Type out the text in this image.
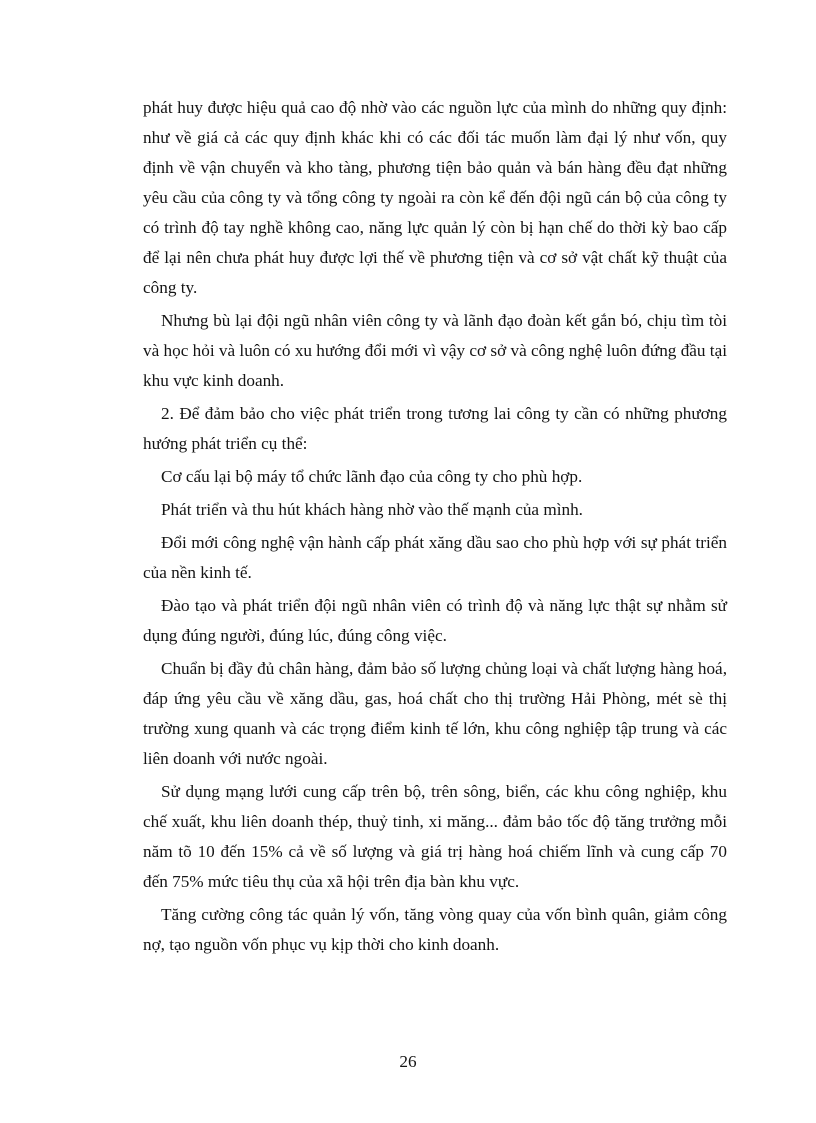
phát huy được hiệu quả cao độ nhờ vào các nguồn lực của mình do những quy định: như về giá cả các quy định khác khi có các đối tác muốn làm đại lý như vốn, quy định về vận chuyển và kho tàng, phương tiện bảo quản và bán hàng đều đạt những yêu cầu của công ty và tổng công ty ngoài ra còn kể đến đội ngũ cán bộ của công ty có trình độ tay nghề không cao, năng lực quản lý còn bị hạn chế do thời kỳ bao cấp để lại nên chưa phát huy được lợi thế về phương tiện và cơ sở vật chất kỹ thuật của công ty.

Nhưng bù lại đội ngũ nhân viên công ty và lãnh đạo đoàn kết gắn bó, chịu tìm tòi và học hỏi và luôn có xu hướng đổi mới vì vậy cơ sở và công nghệ luôn đứng đầu tại khu vực kinh doanh.

2. Để đảm bảo cho việc phát triển trong tương lai công ty cần có những phương hướng phát triển cụ thể:

Cơ cấu lại bộ máy tổ chức lãnh đạo của công ty cho phù hợp.

Phát triển và thu hút khách hàng nhờ vào thế mạnh của mình.

Đổi mới công nghệ vận hành cấp phát xăng dầu sao cho phù hợp với sự phát triển của nền kinh tế.

Đào tạo và phát triển đội ngũ nhân viên có trình độ và năng lực thật sự nhằm sử dụng đúng người, đúng lúc, đúng công việc.

Chuẩn bị đầy đủ chân hàng, đảm bảo số lượng chủng loại và chất lượng hàng hoá, đáp ứng yêu cầu về xăng dầu, gas, hoá chất cho thị trường Hải Phòng, mét sè thị trường xung quanh và các trọng điểm kinh tế lớn, khu công nghiệp tập trung và các liên doanh với nước ngoài.

Sử dụng mạng lưới cung cấp trên bộ, trên sông, biển, các khu công nghiệp, khu chế xuất, khu liên doanh thép, thuỷ tinh, xi măng... đảm bảo tốc độ tăng trưởng mỗi năm tõ 10 đến 15% cả về số lượng và giá trị hàng hoá chiếm lĩnh và cung cấp 70 đến 75% mức tiêu thụ của xã hội trên địa bàn khu vực.

Tăng cường công tác quản lý vốn, tăng vòng quay của vốn bình quân, giảm công nợ, tạo nguồn vốn phục vụ kịp thời cho kinh doanh.

26
